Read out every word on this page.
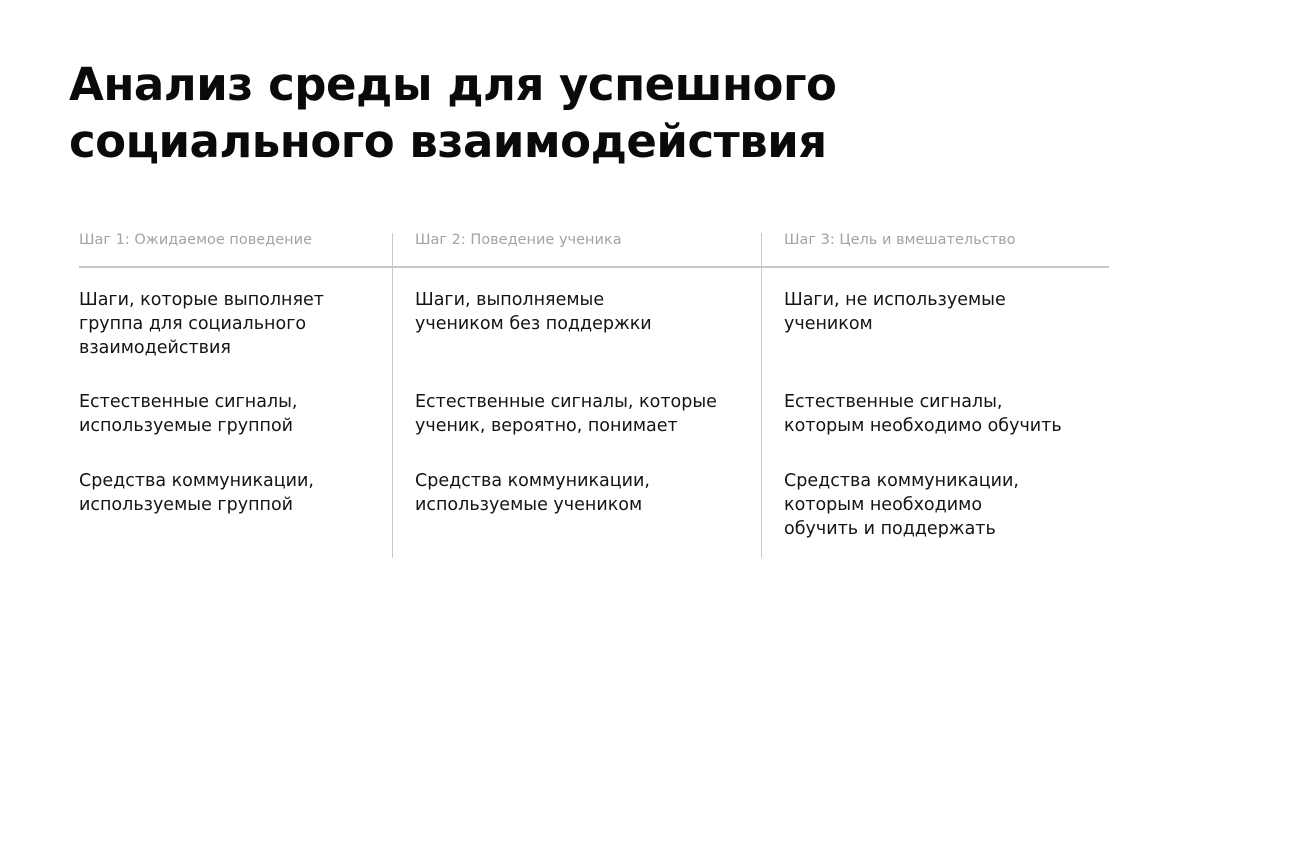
Анализ среды для успешного
социального взаимодействия
Шаг 1: Ожидаемое поведение

Шаги, которые выполняет
группа для социального
взаимодействия

Естественные сигналы,
используемые группой

Средства коммуникации,
используемые группой

Шаг 2: Поведение ученика

Шаги, выполняемые
учеником без поддержки

Естественные сигналы, которые
ученик, вероятно, понимает

Средства коммуникации,
используемые учеником

Шаг 3: Цель и вмешательство

Шаги, не используемые
учеником

Естественные сигналы,
которым необходимо обучить

Средства коммуникации,
которым необходимо
обучить и поддержать
